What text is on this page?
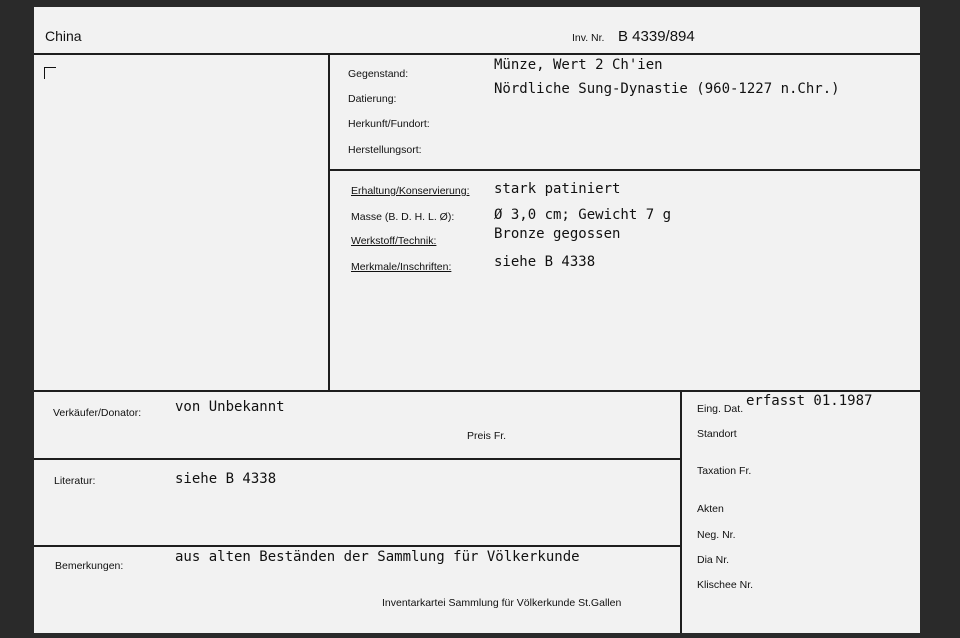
China	Inv. Nr. B 4339/894
Gegenstand:
Münze, Wert 2 Ch'ien
Datierung:
Nördliche Sung-Dynastie (960-1227 n.Chr.)
Herkunft/Fundort:
Herstellungsort:
Erhaltung/Konservierung: stark patiniert
Masse (B. D. H. L. Ø):	Ø 3,0 cm; Gewicht 7 g
Werkstoff/Technik:	Bronze gegossen
Merkmale/Inschriften:	siehe B 4338
Verkäufer/Donator: von Unbekannt
Preis Fr.
Literatur:	siehe B 4338
Bemerkungen:
aus alten Beständen der Sammlung für Völkerkunde
Inventarkartei Sammlung für Völkerkunde St.Gallen
Eing. Dat. erfasst 01.1987
Standort
Taxation Fr.
Akten
Neg. Nr.
Dia Nr.
Klischee Nr.
